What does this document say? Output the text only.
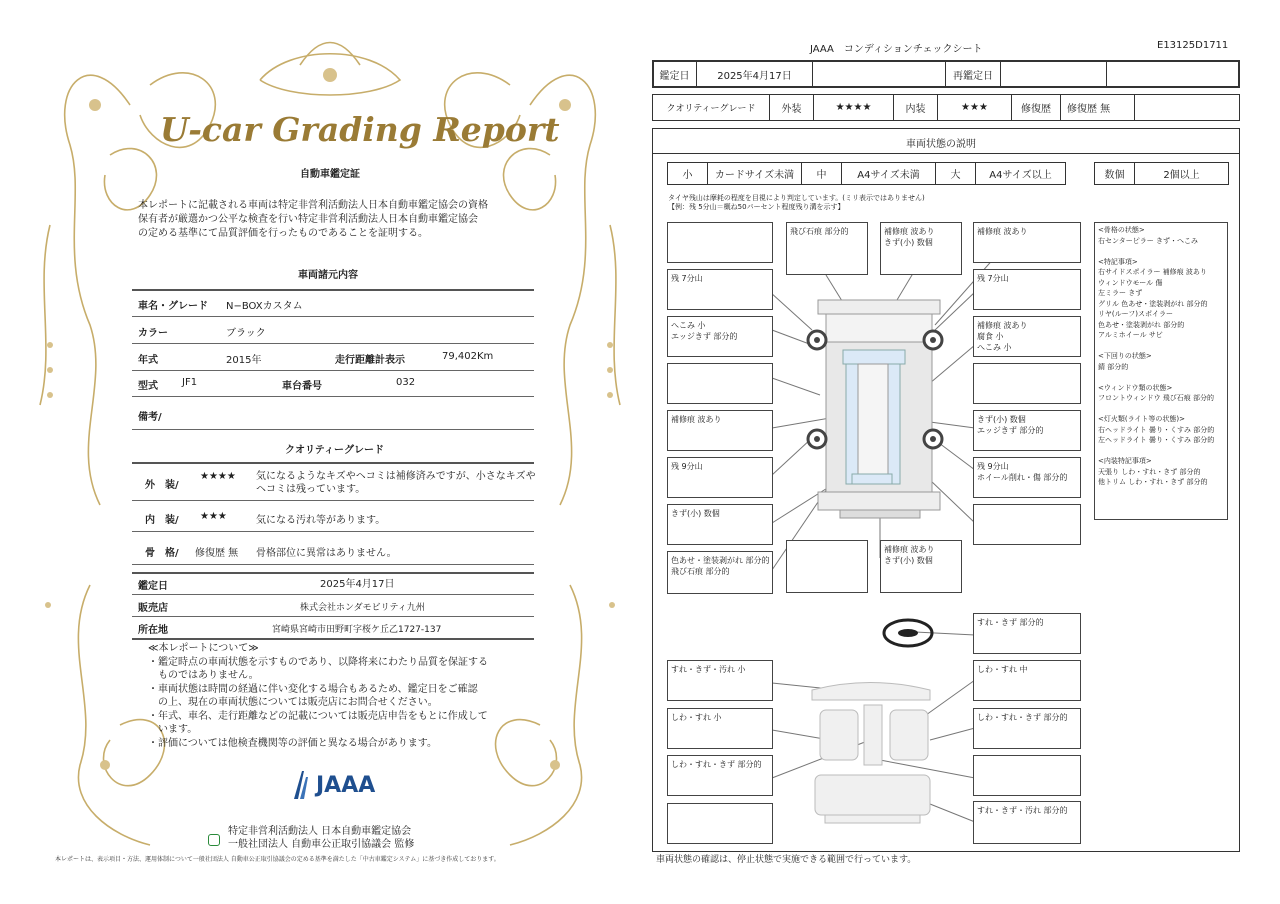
U-car Grading Report
自動車鑑定証
本レポートに記載される車両は特定非営利活動法人日本自動車鑑定協会の資格
保有者が厳選かつ公平な検査を行い特定非営利活動法人日本自動車鑑定協会
の定める基準にて品質評価を行ったものであることを証明する。
車両諸元内容
車名・グレード N−BOXカスタム
カラー	ブラック
年式	2015年	走行距離計表示	79,402Km
型式 JF1	車台番号	032
備考/
クオリティーグレード
外　装/
★★★★ 気になるようなキズやヘコミは補修済みですが、小さなキズや
ヘコミは残っています。
内　装/ ★★★	気になる汚れ等があります。
骨　格/ 修復歴 無 骨格部位に異常はありません。
鑑定日	2025年4月17日
販売店	株式会社ホンダモビリティ九州
所在地	宮崎県宮崎市田野町字桜ケ丘乙1727-137
≪本レポートについて≫
・鑑定時点の車両状態を示すものであり、以降将来にわたり品質を保証する
　ものではありません。
・車両状態は時間の経過に伴い変化する場合もあるため、鑑定日をご確認
　の上、現在の車両状態については販売店にお問合せください。
・年式、車名、走行距離などの記載については販売店申告をもとに作成して
　います。
・評価については他検査機関等の評価と異なる場合があります。
JAAA
特定非営利活動法人 日本自動車鑑定協会
一般社団法人 自動車公正取引協議会 監修
本レポートは、表示項目・方法、運用体制について一般社団法人 自動車公正取引協議会の定める基準を満たした「中古車鑑定システム」に基づき作成しております。
JAAA　コンディションチェックシート	E13125D1711
鑑定日	2025年4月17日	再鑑定日
クオリティーグレード	外装	★★★★	内装	★★★	修復歴 修復歴 無
車両状態の説明
小 カードサイズ未満 中	A4サイズ未満	大	A4サイズ以上	数個	2個以上
タイヤ残山は摩耗の程度を目視により判定しています。(ミリ表示ではありません)
【例：残 5分山＝概ね50パーセント程度残り溝を示す】
飛び石痕 部分的	補修痕 波あり
きず(小) 数個
補修痕 波あり
残 7分山
へこみ 小
エッジきず 部分的
補修痕 波あり
残 9分山
きず(小) 数個
色あせ・塗装剥がれ 部分的
飛び石痕 部分的
残 7分山
補修痕 波あり
腐食 小
へこみ 小
きず(小) 数個
エッジきず 部分的
残 9分山
ホイール削れ・傷 部分的
補修痕 波あり
きず(小) 数個
<骨格の状態>
右センターピラー きず・へこみ

<特記事項>
右サイドスポイラー 補修痕 波あり
ウィンドウモール 傷
左ミラー きず
グリル 色あせ・塗装剥がれ 部分的
リヤ(ルーフ)スポイラー
色あせ・塗装剥がれ 部分的
アルミホイール サビ

<下回りの状態>
錆 部分的

<ウィンドウ類の状態>
フロントウィンドウ 飛び石痕 部分的

<灯火類(ライト等の状態)>
右ヘッドライト 曇り・くすみ 部分的
左ヘッドライト 曇り・くすみ 部分的

<内装特記事項>
天張り しわ・すれ・きず 部分的
他トリム しわ・すれ・きず 部分的
すれ・きず 部分的
すれ・きず・汚れ 小	しわ・すれ 中
しわ・すれ 小	しわ・すれ・きず 部分的
しわ・すれ・きず 部分的
すれ・きず・汚れ 部分的
車両状態の確認は、停止状態で実施できる範囲で行っています。
